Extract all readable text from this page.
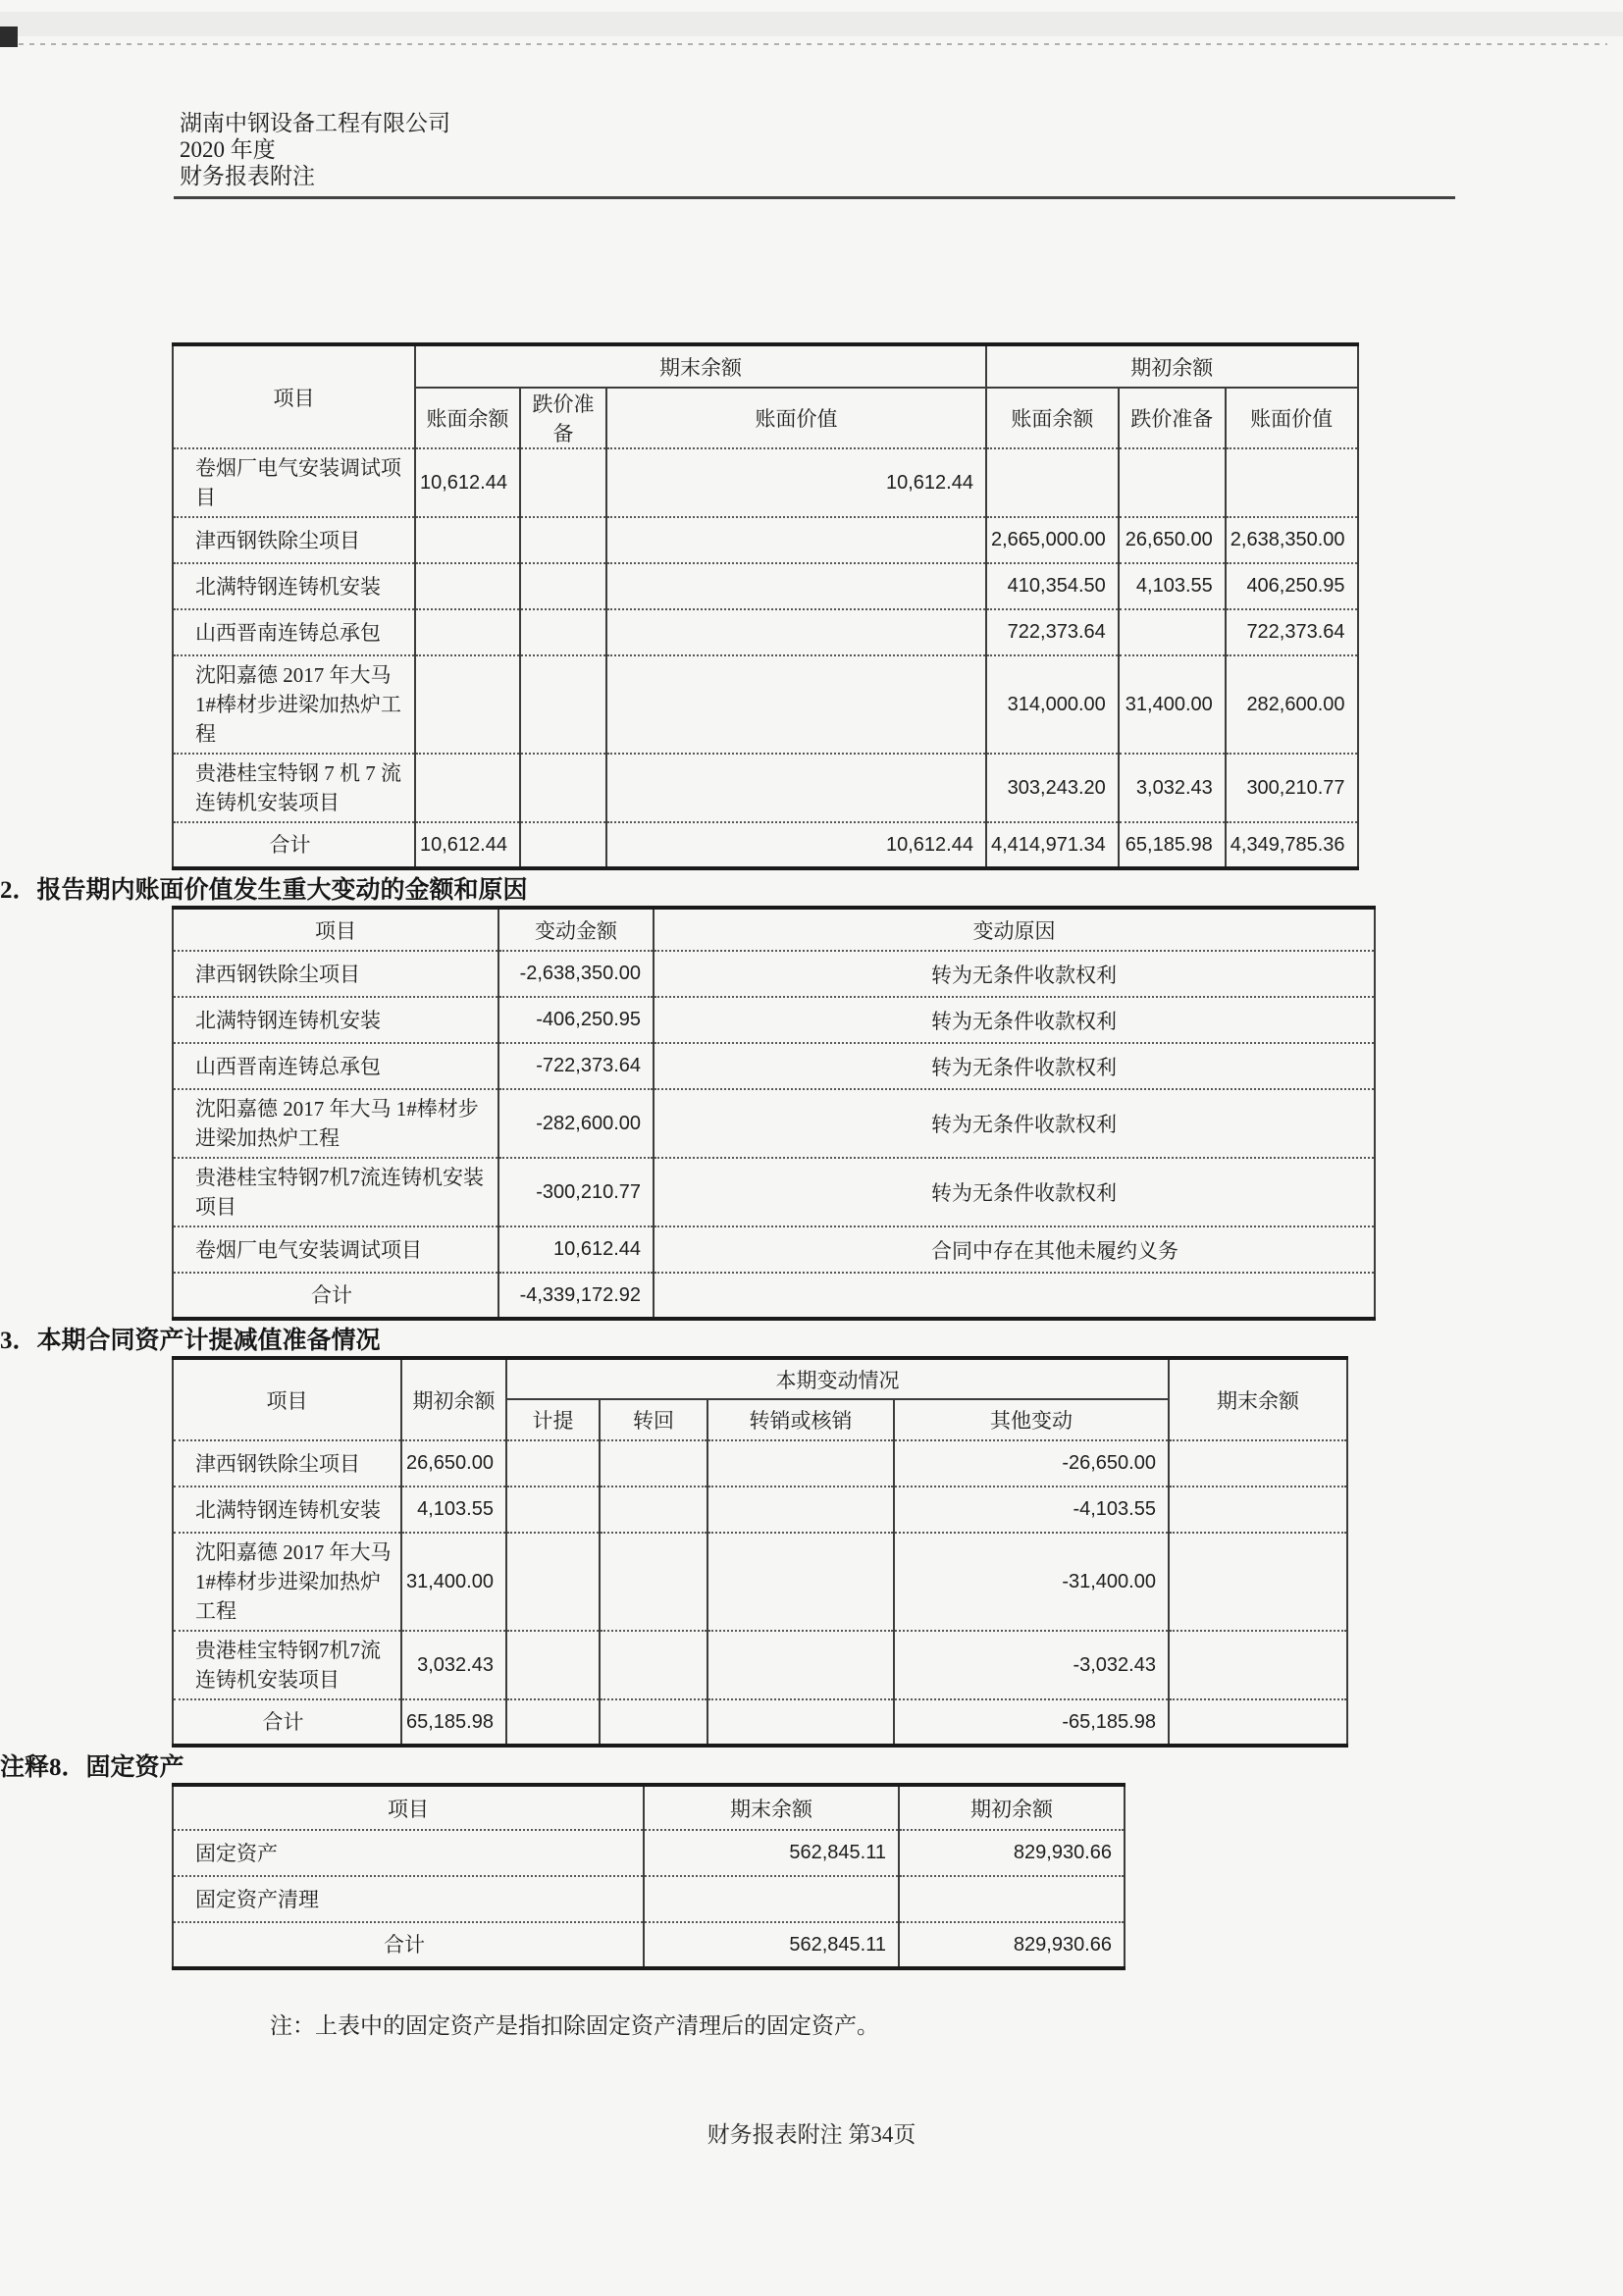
湖南中钢设备工程有限公司
2020 年度
财务报表附注
项目	期末余额			期初余额		
	账面余额	跌价准备	账面价值	账面余额	跌价准备	账面价值
卷烟厂电气安装调试项目	10,612.44		10,612.44			
津西钢铁除尘项目				2,665,000.00	26,650.00	2,638,350.00
北满特钢连铸机安装				410,354.50	4,103.55	406,250.95
山西晋南连铸总承包				722,373.64		722,373.64
沈阳嘉德 2017 年大马 1#棒材步进梁加热炉工程				314,000.00	31,400.00	282,600.00
贵港桂宝特钢 7 机 7 流连铸机安装项目				303,243.20	3,032.43	300,210.77
合计	10,612.44		10,612.44	4,414,971.34	65,185.98	4,349,785.36
2．报告期内账面价值发生重大变动的金额和原因
项目	变动金额	变动原因
津西钢铁除尘项目	-2,638,350.00	转为无条件收款权利
北满特钢连铸机安装	-406,250.95	转为无条件收款权利
山西晋南连铸总承包	-722,373.64	转为无条件收款权利
沈阳嘉德 2017 年大马 1#棒材步进梁加热炉工程	-282,600.00	转为无条件收款权利
贵港桂宝特钢7机7流连铸机安装项目	-300,210.77	转为无条件收款权利
卷烟厂电气安装调试项目	10,612.44	合同中存在其他未履约义务
合计	-4,339,172.92	
3．本期合同资产计提减值准备情况
项目	期初余额	本期变动情况				期末余额
		计提	转回	转销或核销	其他变动	
津西钢铁除尘项目	26,650.00				-26,650.00	
北满特钢连铸机安装	4,103.55				-4,103.55	
沈阳嘉德 2017 年大马 1#棒材步进梁加热炉工程	31,400.00				-31,400.00	
贵港桂宝特钢7机7流连铸机安装项目	3,032.43				-3,032.43	
合计	65,185.98				-65,185.98	
注释8．固定资产
项目	期末余额	期初余额
固定资产	562,845.11	829,930.66
固定资产清理		
合计	562,845.11	829,930.66
注：上表中的固定资产是指扣除固定资产清理后的固定资产。
财务报表附注 第34页
